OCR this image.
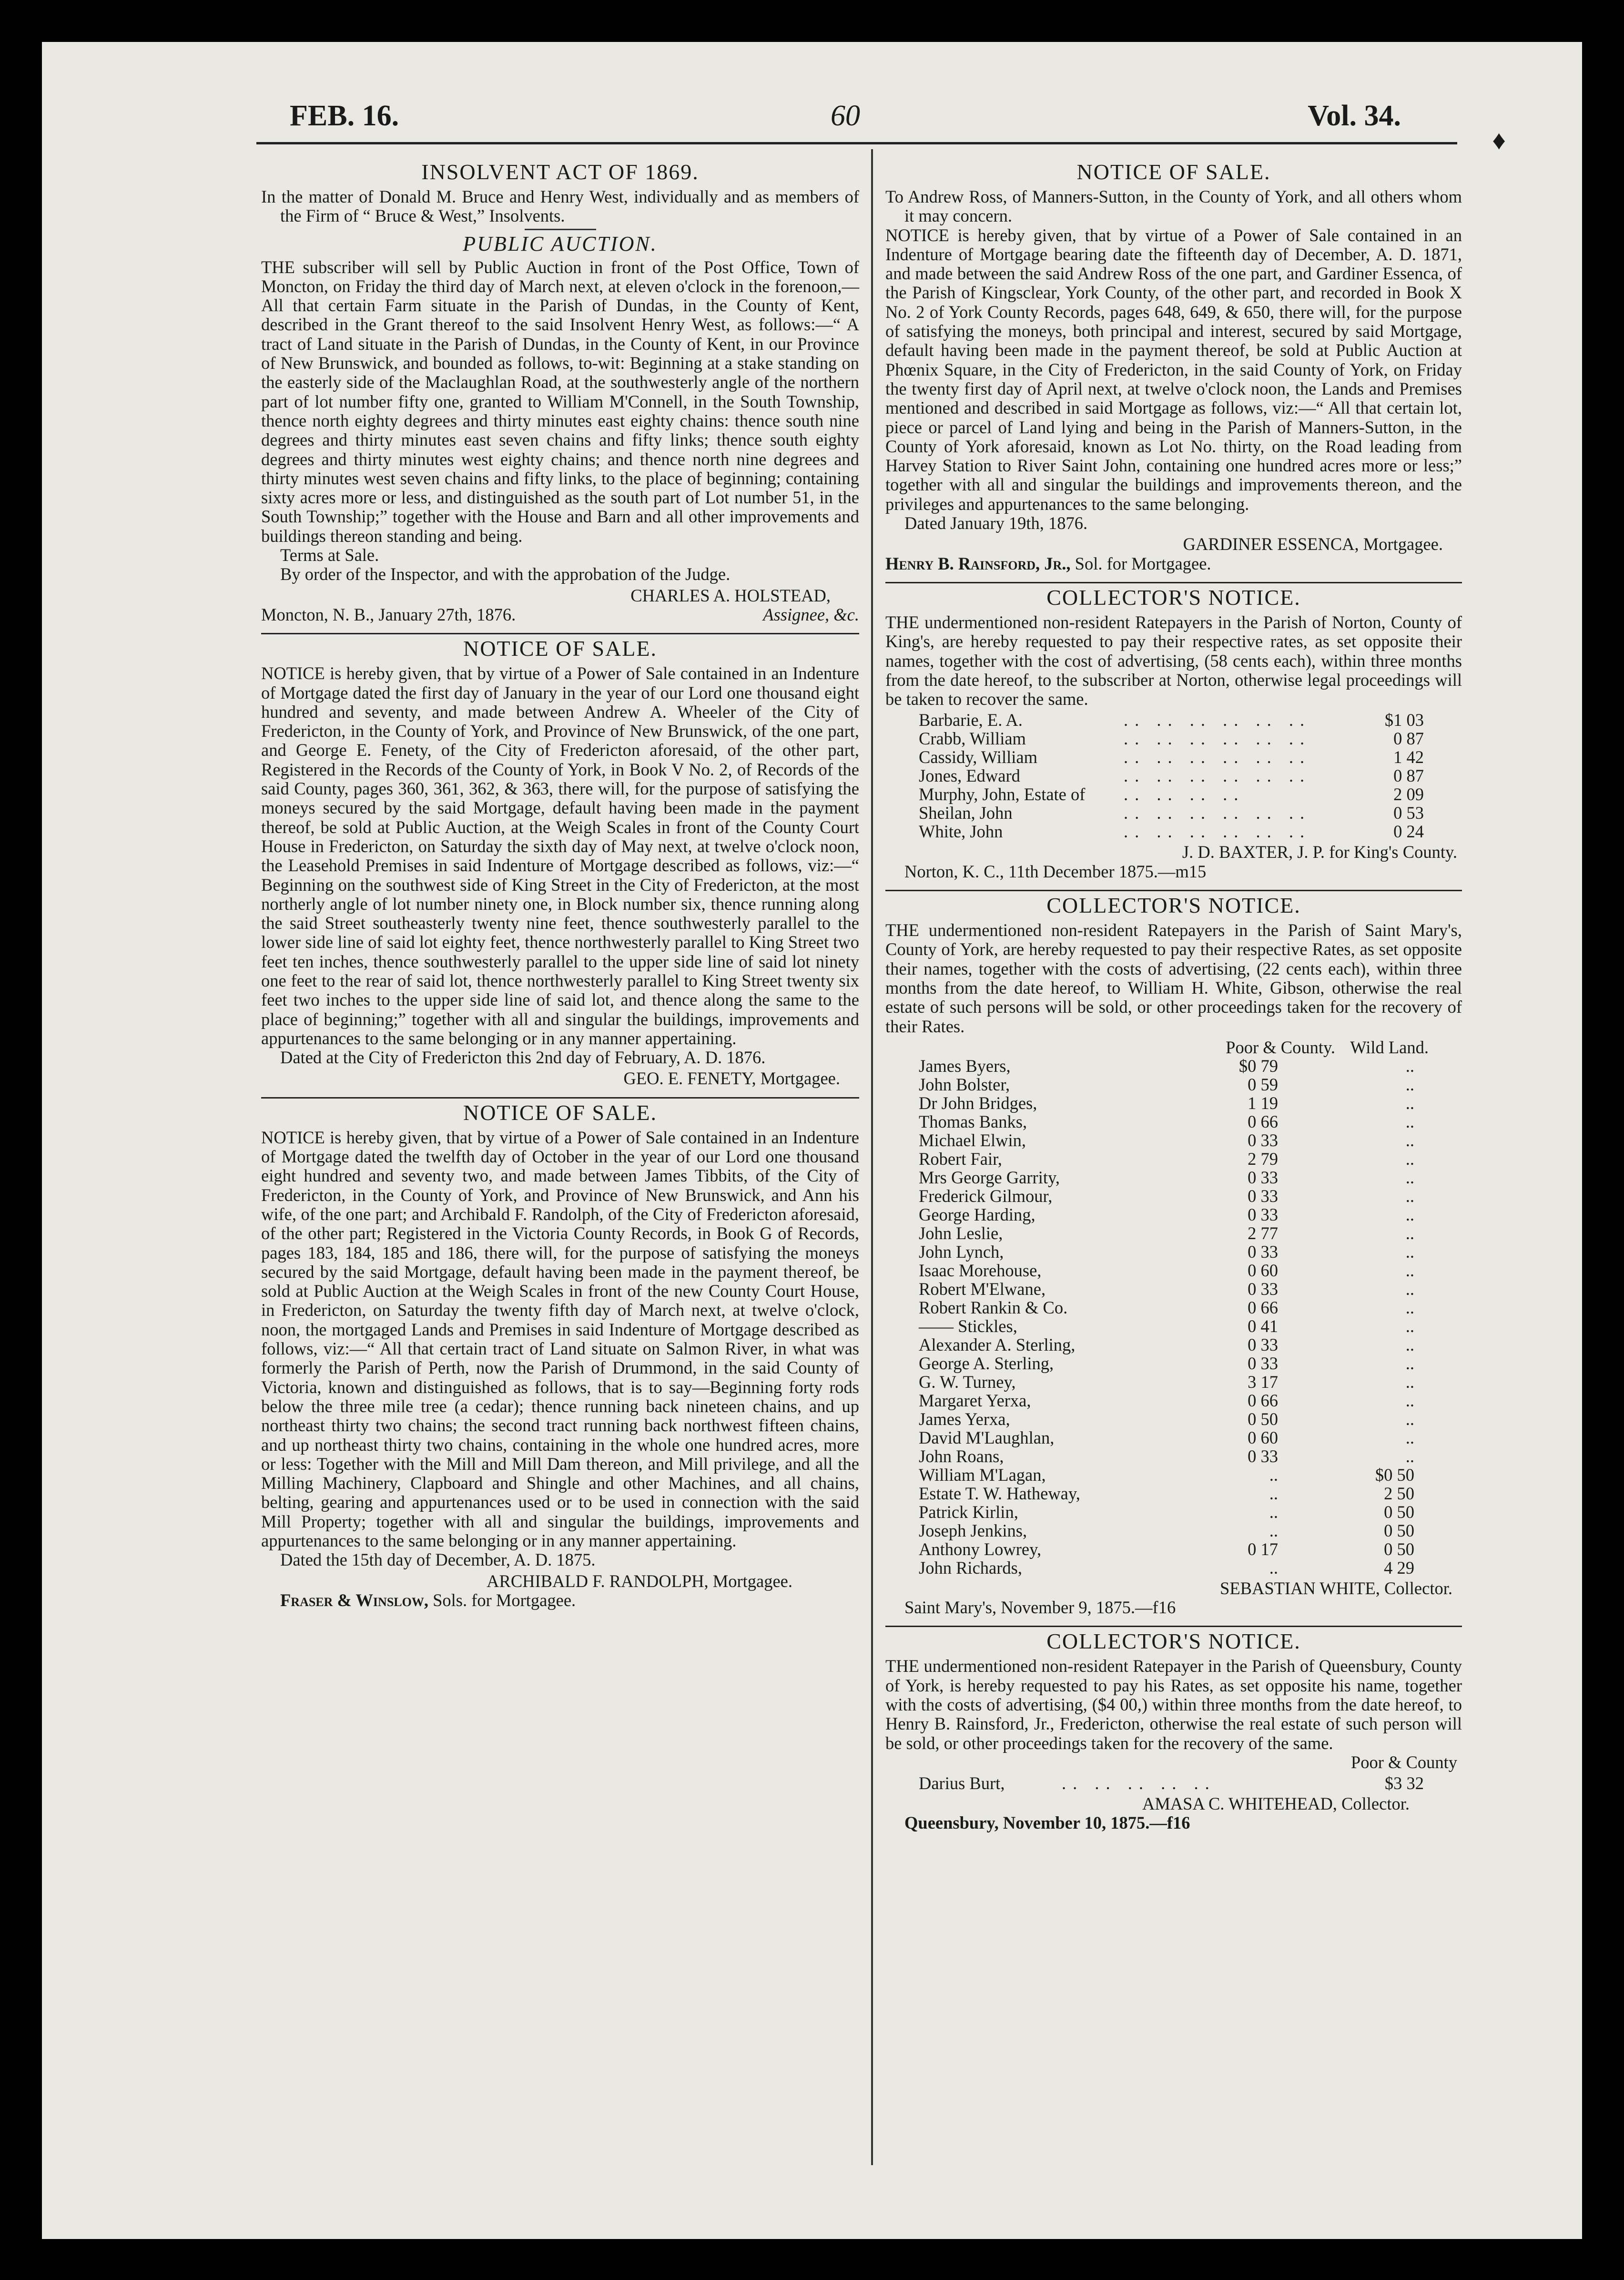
FEB. 16.	60	Vol. 34.
♦
INSOLVENT ACT OF 1869.

In the matter of Donald M. Bruce and Henry West, individually and as members of the Firm of “ Bruce & West,” Insolvents.

PUBLIC AUCTION.

THE subscriber will sell by Public Auction in front of the Post Office, Town of Moncton, on Friday the third day of March next, at eleven o'clock in the forenoon,—All that certain Farm situate in the Parish of Dundas, in the County of Kent, described in the Grant thereof to the said Insolvent Henry West, as follows:—“ A tract of Land situate in the Parish of Dundas, in the County of Kent, in our Province of New Brunswick, and bounded as follows, to-wit: Beginning at a stake standing on the easterly side of the Maclaughlan Road, at the southwesterly angle of the northern part of lot number fifty one, granted to William M'Connell, in the South Township, thence north eighty degrees and thirty minutes east eighty chains: thence south nine degrees and thirty minutes east seven chains and fifty links; thence south eighty degrees and thirty minutes west eighty chains; and thence north nine degrees and thirty minutes west seven chains and fifty links, to the place of beginning; containing sixty acres more or less, and distinguished as the south part of Lot number 51, in the South Township;” together with the House and Barn and all other improvements and buildings thereon standing and being.

Terms at Sale.

By order of the Inspector, and with the approbation of the Judge.

CHARLES A. HOLSTEAD,

Moncton, N. B., January 27th, 1876.	Assignee, &c.
NOTICE OF SALE.

NOTICE is hereby given, that by virtue of a Power of Sale contained in an Indenture of Mortgage dated the first day of January in the year of our Lord one thousand eight hundred and seventy, and made between Andrew A. Wheeler of the City of Fredericton, in the County of York, and Province of New Brunswick, of the one part, and George E. Fenety, of the City of Fredericton aforesaid, of the other part, Registered in the Records of the County of York, in Book V No. 2, of Records of the said County, pages 360, 361, 362, & 363, there will, for the purpose of satisfying the moneys secured by the said Mortgage, default having been made in the payment thereof, be sold at Public Auction, at the Weigh Scales in front of the County Court House in Fredericton, on Saturday the sixth day of May next, at twelve o'clock noon, the Leasehold Premises in said Indenture of Mortgage described as follows, viz:—“ Beginning on the southwest side of King Street in the City of Fredericton, at the most northerly angle of lot number ninety one, in Block number six, thence running along the said Street southeasterly twenty nine feet, thence southwesterly parallel to the lower side line of said lot eighty feet, thence northwesterly parallel to King Street two feet ten inches, thence southwesterly parallel to the upper side line of said lot ninety one feet to the rear of said lot, thence northwesterly parallel to King Street twenty six feet two inches to the upper side line of said lot, and thence along the same to the place of beginning;” together with all and singular the buildings, improvements and appurtenances to the same belonging or in any manner appertaining.

Dated at the City of Fredericton this 2nd day of February, A. D. 1876.

GEO. E. FENETY, Mortgagee.

NOTICE OF SALE.

NOTICE is hereby given, that by virtue of a Power of Sale contained in an Indenture of Mortgage dated the twelfth day of October in the year of our Lord one thousand eight hundred and seventy two, and made between James Tibbits, of the City of Fredericton, in the County of York, and Province of New Brunswick, and Ann his wife, of the one part; and Archibald F. Randolph, of the City of Fredericton aforesaid, of the other part; Registered in the Victoria County Records, in Book G of Records, pages 183, 184, 185 and 186, there will, for the purpose of satisfying the moneys secured by the said Mortgage, default having been made in the payment thereof, be sold at Public Auction at the Weigh Scales in front of the new County Court House, in Fredericton, on Saturday the twenty fifth day of March next, at twelve o'clock, noon, the mortgaged Lands and Premises in said Indenture of Mortgage described as follows, viz:—“ All that certain tract of Land situate on Salmon River, in what was formerly the Parish of Perth, now the Parish of Drummond, in the said County of Victoria, known and distinguished as follows, that is to say—Beginning forty rods below the three mile tree (a cedar); thence running back nineteen chains, and up northeast thirty two chains; the second tract running back northwest fifteen chains, and up northeast thirty two chains, containing in the whole one hundred acres, more or less: Together with the Mill and Mill Dam thereon, and Mill privilege, and all the Milling Machinery, Clapboard and Shingle and other Machines, and all chains, belting, gearing and appurtenances used or to be used in connection with the said Mill Property; together with all and singular the buildings, improvements and appurtenances to the same belonging or in any manner appertaining.

Dated the 15th day of December, A. D. 1875.

ARCHIBALD F. RANDOLPH, Mortgagee.

Fraser & Winslow, Sols. for Mortgagee.

NOTICE OF SALE.

To Andrew Ross, of Manners-Sutton, in the County of York, and all others whom it may concern.

NOTICE is hereby given, that by virtue of a Power of Sale contained in an Indenture of Mortgage bearing date the fifteenth day of December, A. D. 1871, and made between the said Andrew Ross of the one part, and Gardiner Essenca, of the Parish of Kingsclear, York County, of the other part, and recorded in Book X No. 2 of York County Records, pages 648, 649, & 650, there will, for the purpose of satisfying the moneys, both principal and interest, secured by said Mortgage, default having been made in the payment thereof, be sold at Public Auction at Phœnix Square, in the City of Fredericton, in the said County of York, on Friday the twenty first day of April next, at twelve o'clock noon, the Lands and Premises mentioned and described in said Mortgage as follows, viz:—“ All that certain lot, piece or parcel of Land lying and being in the Parish of Manners-Sutton, in the County of York aforesaid, known as Lot No. thirty, on the Road leading from Harvey Station to River Saint John, containing one hundred acres more or less;” together with all and singular the buildings and improvements thereon, and the privileges and appurtenances to the same belonging.

Dated January 19th, 1876.

GARDINER ESSENCA, Mortgagee.

Henry B. Rainsford, Jr., Sol. for Mortgagee.

COLLECTOR'S NOTICE.

THE undermentioned non-resident Ratepayers in the Parish of Norton, County of King's, are hereby requested to pay their respective rates, as set opposite their names, together with the cost of advertising, (58 cents each), within three months from the date hereof, to the subscriber at Norton, otherwise legal proceedings will be taken to recover the same.

Barbarie, E. A.	.. .. .. .. .. ..	$1 03
Crabb, William	.. .. .. .. .. ..	0 87
Cassidy, William	.. .. .. .. .. ..	1 42
Jones, Edward	.. .. .. .. .. ..	0 87
Murphy, John, Estate of	.. .. .. ..	2 09
Sheilan, John	.. .. .. .. .. ..	0 53
White, John	.. .. .. .. .. ..	0 24

J. D. BAXTER, J. P. for King's County.

Norton, K. C., 11th December 1875.—m15

COLLECTOR'S NOTICE.

THE undermentioned non-resident Ratepayers in the Parish of Saint Mary's, County of York, are hereby requested to pay their respective Rates, as set opposite their names, together with the costs of advertising, (22 cents each), within three months from the date hereof, to William H. White, Gibson, otherwise the real estate of such persons will be sold, or other proceedings taken for the recovery of their Rates.

	Poor & County.	Wild Land.
James Byers,	$0 79	..
John Bolster,	0 59	..
Dr John Bridges,	1 19	..
Thomas Banks,	0 66	..
Michael Elwin,	0 33	..
Robert Fair,	2 79	..
Mrs George Garrity,	0 33	..
Frederick Gilmour,	0 33	..
George Harding,	0 33	..
John Leslie,	2 77	..
John Lynch,	0 33	..
Isaac Morehouse,	0 60	..
Robert M'Elwane,	0 33	..
Robert Rankin & Co.	0 66	..
—— Stickles,	0 41	..
Alexander A. Sterling,	0 33	..
George A. Sterling,	0 33	..
G. W. Turney,	3 17	..
Margaret Yerxa,	0 66	..
James Yerxa,	0 50	..
David M'Laughlan,	0 60	..
John Roans,	0 33	..
William M'Lagan,	..	$0 50
Estate T. W. Hatheway,	..	2 50
Patrick Kirlin,	..	0 50
Joseph Jenkins,	..	0 50
Anthony Lowrey,	0 17	0 50
John Richards,	..	4 29

SEBASTIAN WHITE, Collector.

Saint Mary's, November 9, 1875.—f16

COLLECTOR'S NOTICE.

THE undermentioned non-resident Ratepayer in the Parish of Queensbury, County of York, is hereby requested to pay his Rates, as set opposite his name, together with the costs of advertising, ($4 00,) within three months from the date hereof, to Henry B. Rainsford, Jr., Fredericton, otherwise the real estate of such person will be sold, or other proceedings taken for the recovery of the same.

Poor & County

Darius Burt,	.. .. .. .. ..	$3 32

AMASA C. WHITEHEAD, Collector.

Queensbury, November 10, 1875.—f16
